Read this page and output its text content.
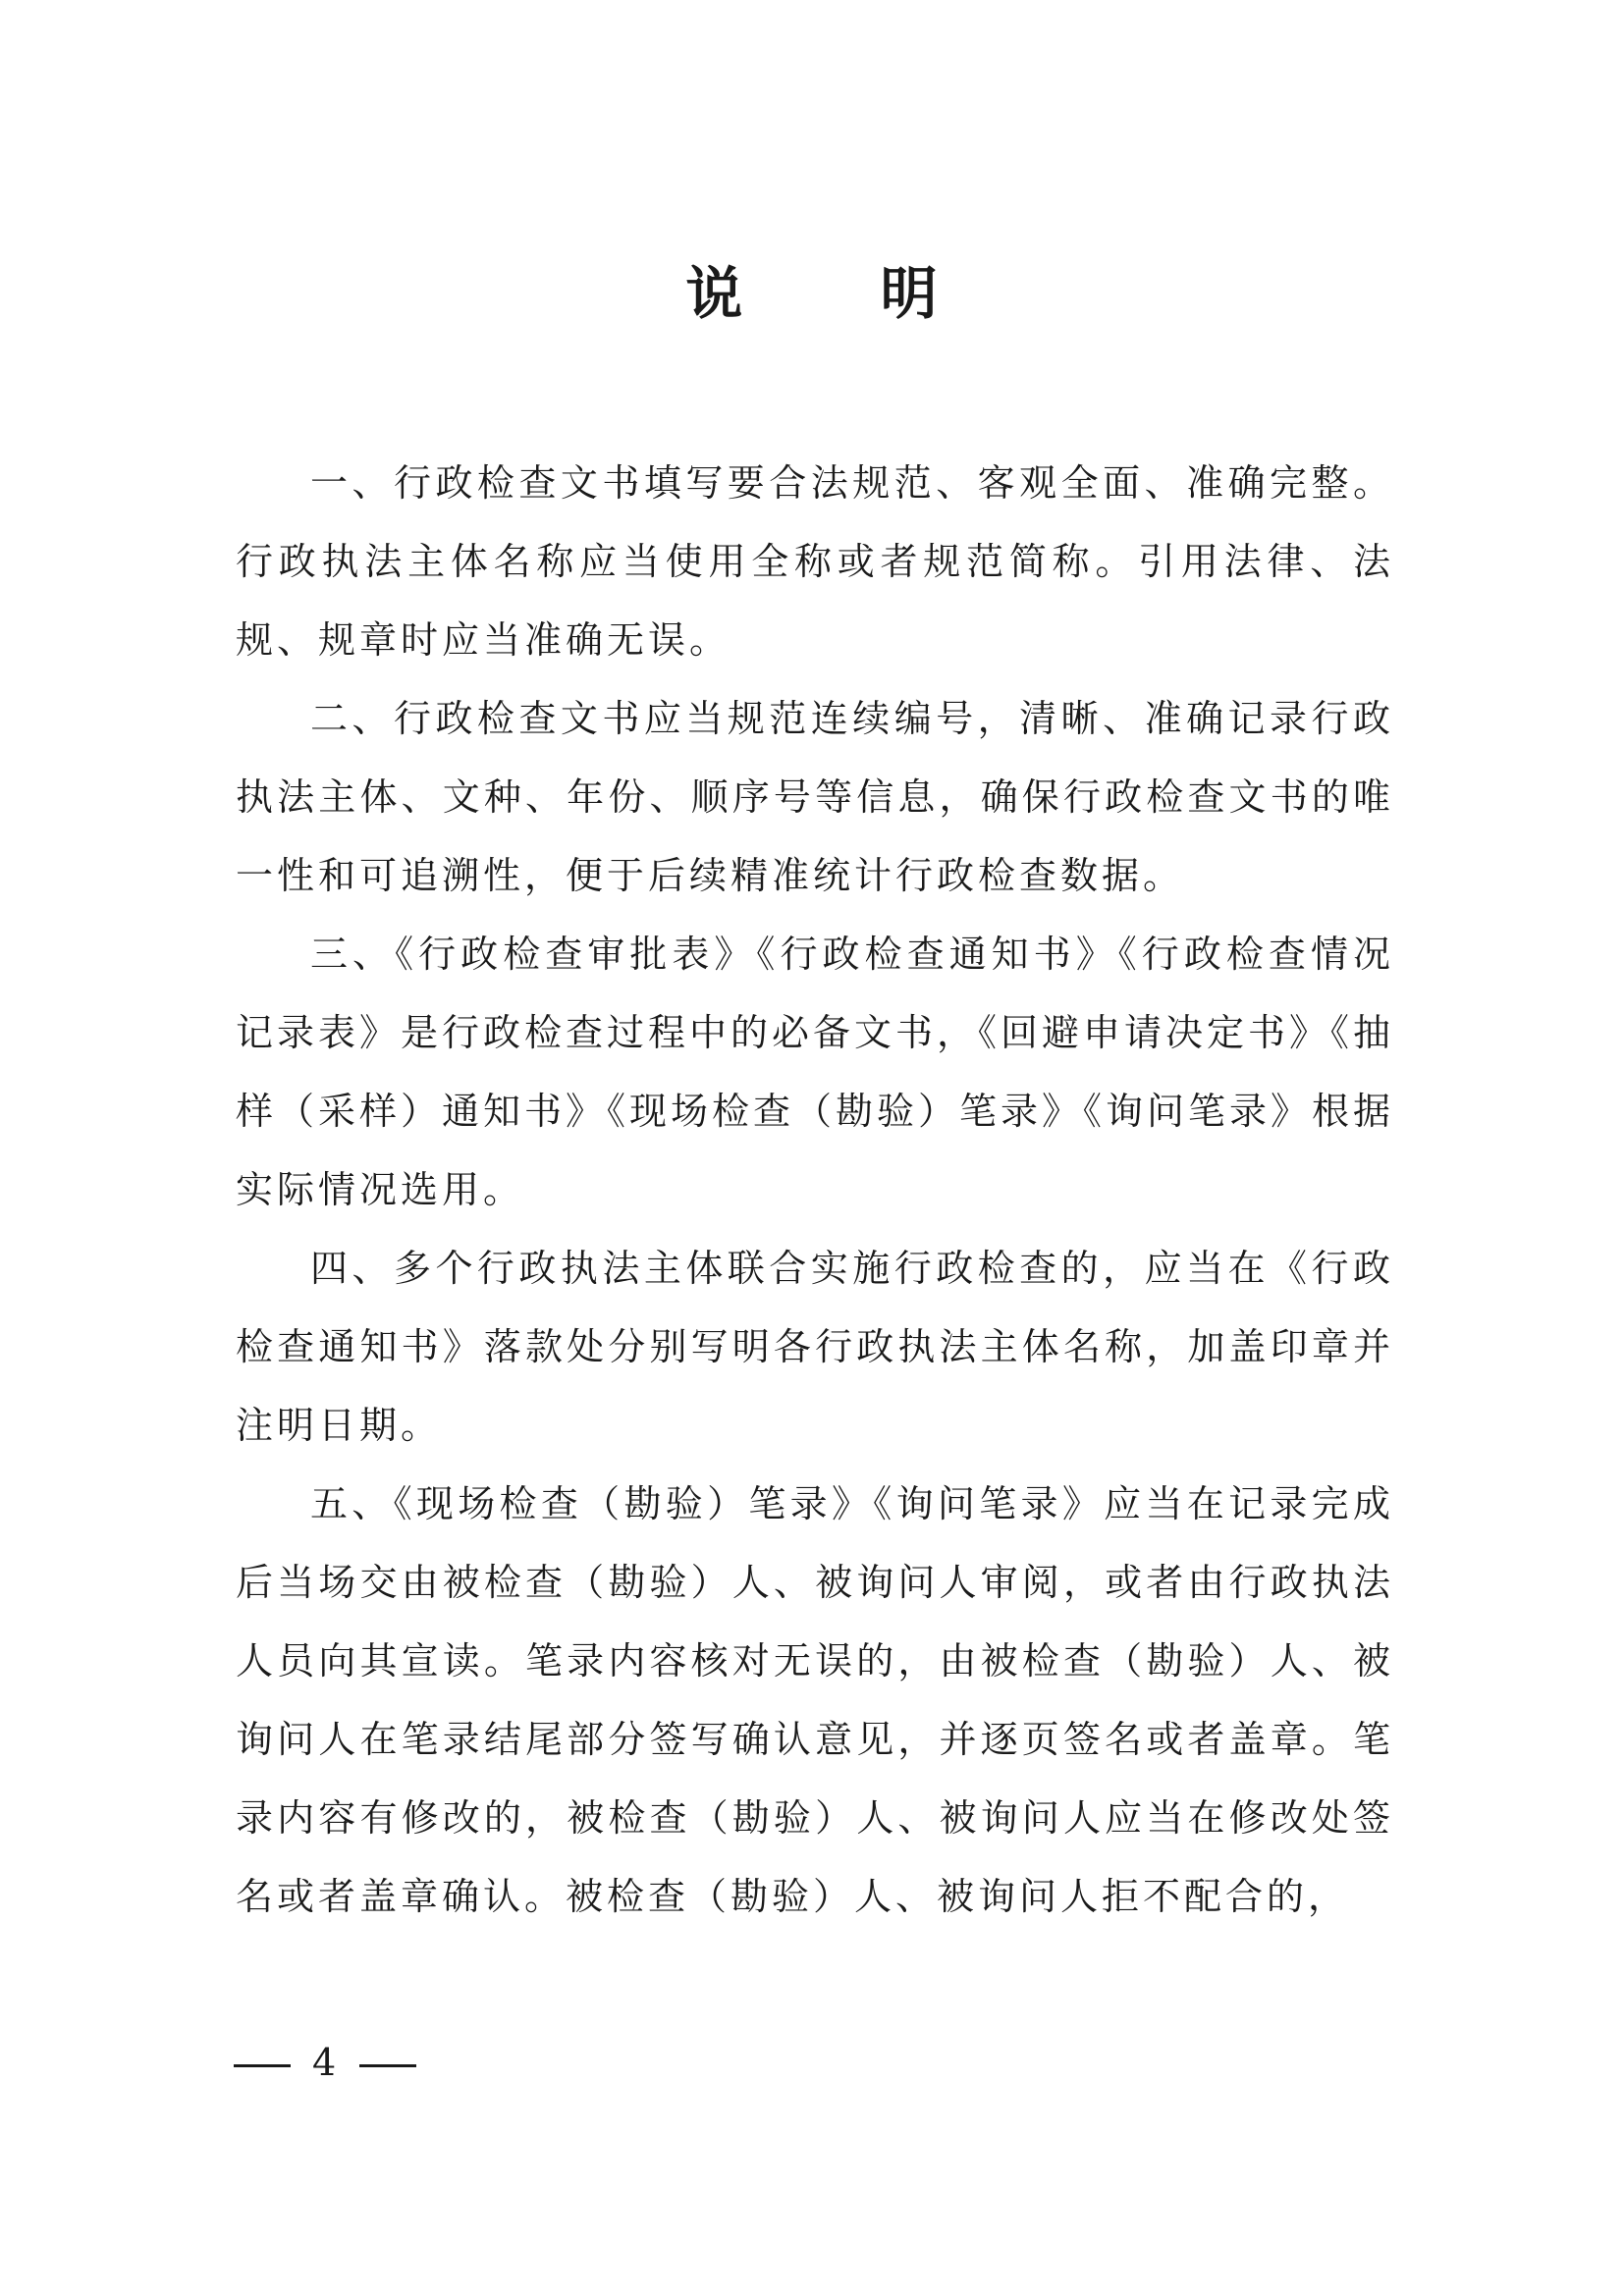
说 明

一、行政检查文书填写要合法规范、客观全面、准确完整。行政执法主体名称应当使用全称或者规范简称。引用法律、法规、规章时应当准确无误。

二、行政检查文书应当规范连续编号，清晰、准确记录行政执法主体、文种、年份、顺序号等信息，确保行政检查文书的唯一性和可追溯性，便于后续精准统计行政检查数据。

三、《行政检查审批表》《行政检查通知书》《行政检查情况记录表》是行政检查过程中的必备文书，《回避申请决定书》《抽样（采样）通知书》《现场检查（勘验）笔录》《询问笔录》根据实际情况选用。

四、多个行政执法主体联合实施行政检查的，应当在《行政检查通知书》落款处分别写明各行政执法主体名称，加盖印章并注明日期。

五、《现场检查（勘验）笔录》《询问笔录》应当在记录完成后当场交由被检查（勘验）人、被询问人审阅，或者由行政执法人员向其宣读。笔录内容核对无误的，由被检查（勘验）人、被询问人在笔录结尾部分签写确认意见，并逐页签名或者盖章。笔录内容有修改的，被检查（勘验）人、被询问人应当在修改处签名或者盖章确认。被检查（勘验）人、被询问人拒不配合的，

4
